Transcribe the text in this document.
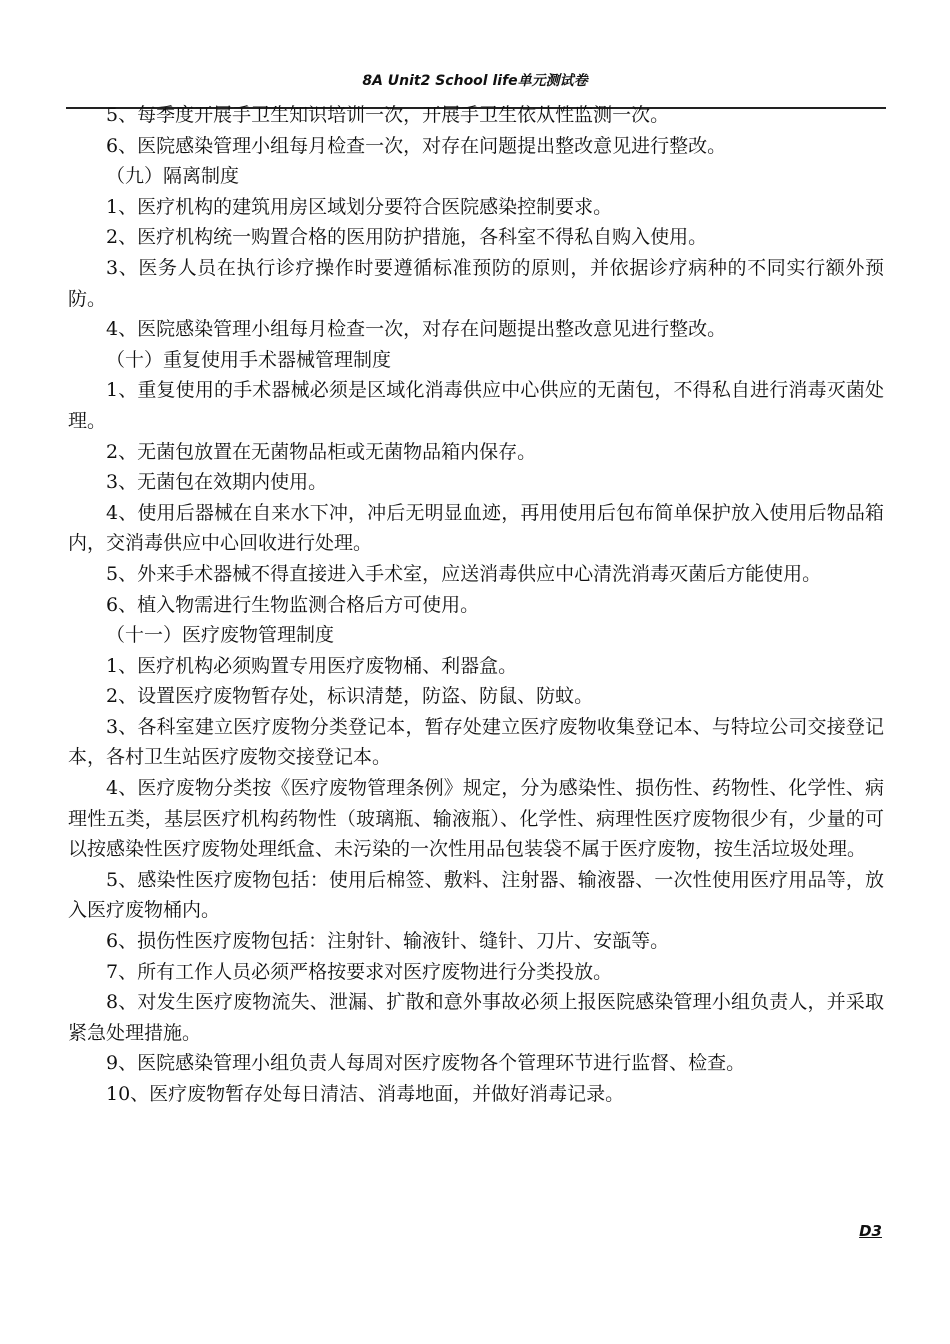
8A Unit2 School life单元测试卷

5、每季度开展手卫生知识培训一次，开展手卫生依从性监测一次。

6、医院感染管理小组每月检查一次，对存在问题提出整改意见进行整改。

（九）隔离制度

1、医疗机构的建筑用房区域划分要符合医院感染控制要求。

2、医疗机构统一购置合格的医用防护措施，各科室不得私自购入使用。

3、医务人员在执行诊疗操作时要遵循标准预防的原则，并依据诊疗病种的不同实行额外预防。

4、医院感染管理小组每月检查一次，对存在问题提出整改意见进行整改。

（十）重复使用手术器械管理制度

1、重复使用的手术器械必须是区域化消毒供应中心供应的无菌包，不得私自进行消毒灭菌处理。

2、无菌包放置在无菌物品柜或无菌物品箱内保存。

3、无菌包在效期内使用。

4、使用后器械在自来水下冲，冲后无明显血迹，再用使用后包布简单保护放入使用后物品箱内，交消毒供应中心回收进行处理。

5、外来手术器械不得直接进入手术室，应送消毒供应中心清洗消毒灭菌后方能使用。

6、植入物需进行生物监测合格后方可使用。

（十一）医疗废物管理制度

1、医疗机构必须购置专用医疗废物桶、利器盒。

2、设置医疗废物暂存处，标识清楚，防盗、防鼠、防蚊。

3、各科室建立医疗废物分类登记本，暂存处建立医疗废物收集登记本、与特垃公司交接登记本，各村卫生站医疗废物交接登记本。

4、医疗废物分类按《医疗废物管理条例》规定，分为感染性、损伤性、药物性、化学性、病理性五类，基层医疗机构药物性（玻璃瓶、输液瓶）、化学性、病理性医疗废物很少有，少量的可以按感染性医疗废物处理纸盒、未污染的一次性用品包装袋不属于医疗废物，按生活垃圾处理。

5、感染性医疗废物包括：使用后棉签、敷料、注射器、输液器、一次性使用医疗用品等，放入医疗废物桶内。

6、损伤性医疗废物包括：注射针、输液针、缝针、刀片、安瓿等。

7、所有工作人员必须严格按要求对医疗废物进行分类投放。

8、对发生医疗废物流失、泄漏、扩散和意外事故必须上报医院感染管理小组负责人，并采取紧急处理措施。

9、医院感染管理小组负责人每周对医疗废物各个管理环节进行监督、检查。

10、医疗废物暂存处每日清洁、消毒地面，并做好消毒记录。

D3
